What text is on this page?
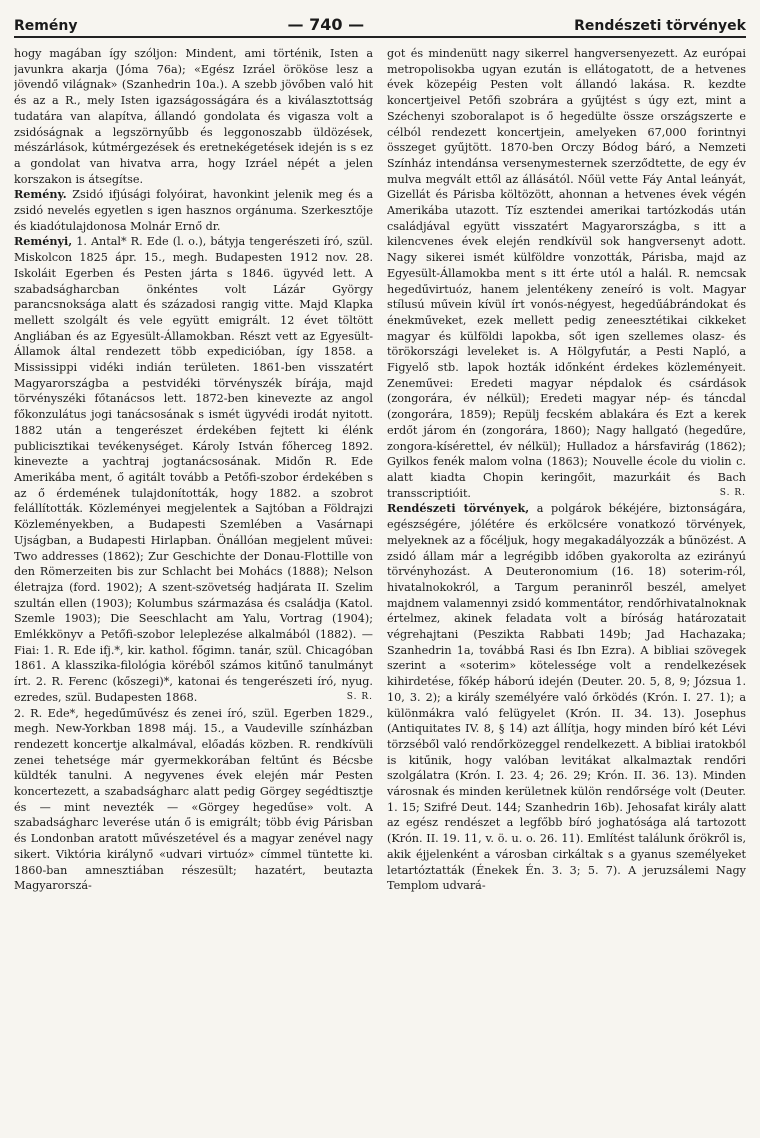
Remény	— 740 —	Rendészeti törvények

hogy magában így szóljon: Mindent, ami történik, Isten a javunkra akarja (Jóma 76a); «Egész Izráel örököse lesz a jövendő világnak» (Szanhedrin 10a.). A szebb jövőben való hit és az a R., mely Isten igazságosságára és a kiválasztottság tudatára van alapítva, állandó gondolata és vigasza volt a zsidóságnak a legszörnyűbb és leggonoszabb üldözések, mészárlások, kútmérgezések és eretnekégetések idején is s ez a gondolat van hivatva arra, hogy Izráel népét a jelen korszakon is átsegítse.

Remény. Zsidó ifjúsági folyóirat, havonkint jelenik meg és a zsidó nevelés egyetlen s igen hasznos orgánuma. Szerkesztője és kiadótulajdonosa Molnár Ernő dr.

Reményi, 1. Antal* R. Ede (l. o.), bátyja tengerészeti író, szül. Miskolcon 1825 ápr. 15., megh. Budapesten 1912 nov. 28. Iskoláit Egerben és Pesten járta s 1846. ügyvéd lett. A szabadságharcban önkéntes volt Lázár György parancsnoksága alatt és századosi rangig vitte. Majd Klapka mellett szolgált és vele együtt emigrált. 12 évet töltött Angliában és az Egyesült-Államokban. Részt vett az Egyesült-Államok által rendezett több expedicióban, így 1858. a Mississippi vidéki indián területen. 1861-ben visszatért Magyarországba a pestvidéki törvényszék bírája, majd törvényszéki főtanácsos lett. 1872-ben kinevezte az angol főkonzulátus jogi tanácsosának s ismét ügyvédi irodát nyitott. 1882 után a tengerészet érdekében fejtett ki élénk publicisztikai tevékenységet. Károly István főherceg 1892. kinevezte a yachtraj jogtanácsosának. Midőn R. Ede Amerikába ment, ő agitált tovább a Petőfi-szobor érdekében s az ő érdemének tulajdonították, hogy 1882. a szobrot felállították. Közleményei megjelentek a Sajtóban a Földrajzi Közleményekben, a Budapesti Szemlében a Vasárnapi Ujságban, a Budapesti Hirlapban. Önállóan megjelent művei: Two addresses (1862); Zur Geschichte der Donau-Flottille von den Römerzeiten bis zur Schlacht bei Mohács (1888); Nelson életrajza (ford. 1902); A szent-szövetség hadjárata II. Szelim szultán ellen (1903); Kolumbus származása és családja (Katol. Szemle 1903); Die Seeschlacht am Yalu, Vortrag (1904); Emlékkönyv a Petőfi-szobor leleplezése alkalmából (1882). — Fiai: 1. R. Ede ifj.*, kir. kathol. főgimn. tanár, szül. Chicagóban 1861. A klasszika-filológia köréből számos kitűnő tanulmányt írt. 2. R. Ferenc (kőszegi)*, katonai és tengerészeti író, nyug. ezredes, szül. Budapesten 1868.	S. R.

2. R. Ede*, hegedűművész és zenei író, szül. Egerben 1829., megh. New-Yorkban 1898 máj. 15., a Vaudeville színházban rendezett koncertje alkalmával, előadás közben. R. rendkívüli zenei tehetsége már gyermekkorában feltűnt és Bécsbe küldték tanulni. A negyvenes évek elején már Pesten koncertezett, a szabadságharc alatt pedig Görgey segédtisztje és — mint nevezték — «Görgey hegedűse» volt. A szabadságharc leverése után ő is emigrált; több évig Párisban és Londonban aratott művészetével és a magyar zenével nagy sikert. Viktória királynő «udvari virtuóz» címmel tüntette ki. 1860-ban amnesztiában részesült; hazatért, beutazta Magyarorszá-

got és mindenütt nagy sikerrel hangversenyezett. Az európai metropolisokba ugyan ezután is ellátogatott, de a hetvenes évek közepéig Pesten volt állandó lakása. R. kezdte koncertjeivel Petőfi szobrára a gyűjtést s úgy ezt, mint a Széchenyi szoboralapot is ő hegedülte össze országszerte e célból rendezett koncertjein, amelyeken 67,000 forintnyi összeget gyűjtött. 1870-ben Orczy Bódog báró, a Nemzeti Színház intendánsa versenymesternek szerződtette, de egy év mulva megvált ettől az állásától. Nőül vette Fáy Antal leányát, Gizellát és Párisba költözött, ahonnan a hetvenes évek végén Amerikába utazott. Tíz esztendei amerikai tartózkodás után családjával együtt visszatért Magyarországba, s itt a kilencvenes évek elején rendkívül sok hangversenyt adott. Nagy sikerei ismét külföldre vonzották, Párisba, majd az Egyesült-Államokba ment s itt érte utól a halál. R. nemcsak hegedűvirtuóz, hanem jelentékeny zeneíró is volt. Magyar stílusú művein kívül írt vonós-négyest, hegedűábrándokat és énekműveket, ezek mellett pedig zeneesztétikai cikkeket magyar és külföldi lapokba, sőt igen szellemes olasz- és törökországi leveleket is. A Hölgyfutár, a Pesti Napló, a Figyelő stb. lapok hozták időnként érdekes közleményeit. Zeneművei: Eredeti magyar népdalok és csárdások (zongorára, év nélkül); Eredeti magyar nép- és táncdal (zongorára, 1859); Repülj fecském ablakára és Ezt a kerek erdőt járom én (zongorára, 1860); Nagy hallgató (hegedűre, zongora-kísérettel, év nélkül); Hulladoz a hársfavirág (1862); Gyilkos fenék malom volna (1863); Nouvelle école du violin c. alatt kiadta Chopin keringőit, mazurkáit és Bach transscriptióit.	S. R.

Rendészeti törvények, a polgárok békéjére, biztonságára, egészségére, jólétére és erkölcsére vonatkozó törvények, melyeknek az a főcéljuk, hogy megakadályozzák a bűnözést. A zsidó állam már a legrégibb időben gyakorolta az ezirányú törvényhozást. A Deuteronomium (16. 18) soterim-ról, hivatalnokokról, a Targum peraninről beszél, amelyet majdnem valamennyi zsidó kommentátor, rendőrhivatalnoknak értelmez, akinek feladata volt a bíróság határozatait végrehajtani (Peszikta Rabbati 149b; Jad Hachazaka; Szanhedrin 1a, továbbá Rasi és Ibn Ezra). A bibliai szövegek szerint a «soterim» kötelessége volt a rendelkezések kihirdetése, főkép háború idején (Deuter. 20. 5, 8, 9; Józsua 1. 10, 3. 2); a király személyére való őrködés (Krón. I. 27. 1); a különmákra való felügyelet (Krón. II. 34. 13). Josephus (Antiquitates IV. 8, § 14) azt állítja, hogy minden bíró két Lévi törzséből való rendőrközeggel rendelkezett. A bibliai iratokból is kitűnik, hogy valóban levitákat alkalmaztak rendőri szolgálatra (Krón. I. 23. 4; 26. 29; Krón. II. 36. 13). Minden városnak és minden kerületnek külön rendőrsége volt (Deuter. 1. 15; Szifré Deut. 144; Szanhedrin 16b). Jehosafat király alatt az egész rendészet a legfőbb bíró joghatósága alá tartozott (Krón. II. 19. 11, v. ö. u. o. 26. 11). Említést találunk őrökről is, akik éjjelenként a városban cirkáltak s a gyanus személyeket letartóztatták (Énekek Én. 3. 3; 5. 7). A jeruzsálemi Nagy Templom udvará-
